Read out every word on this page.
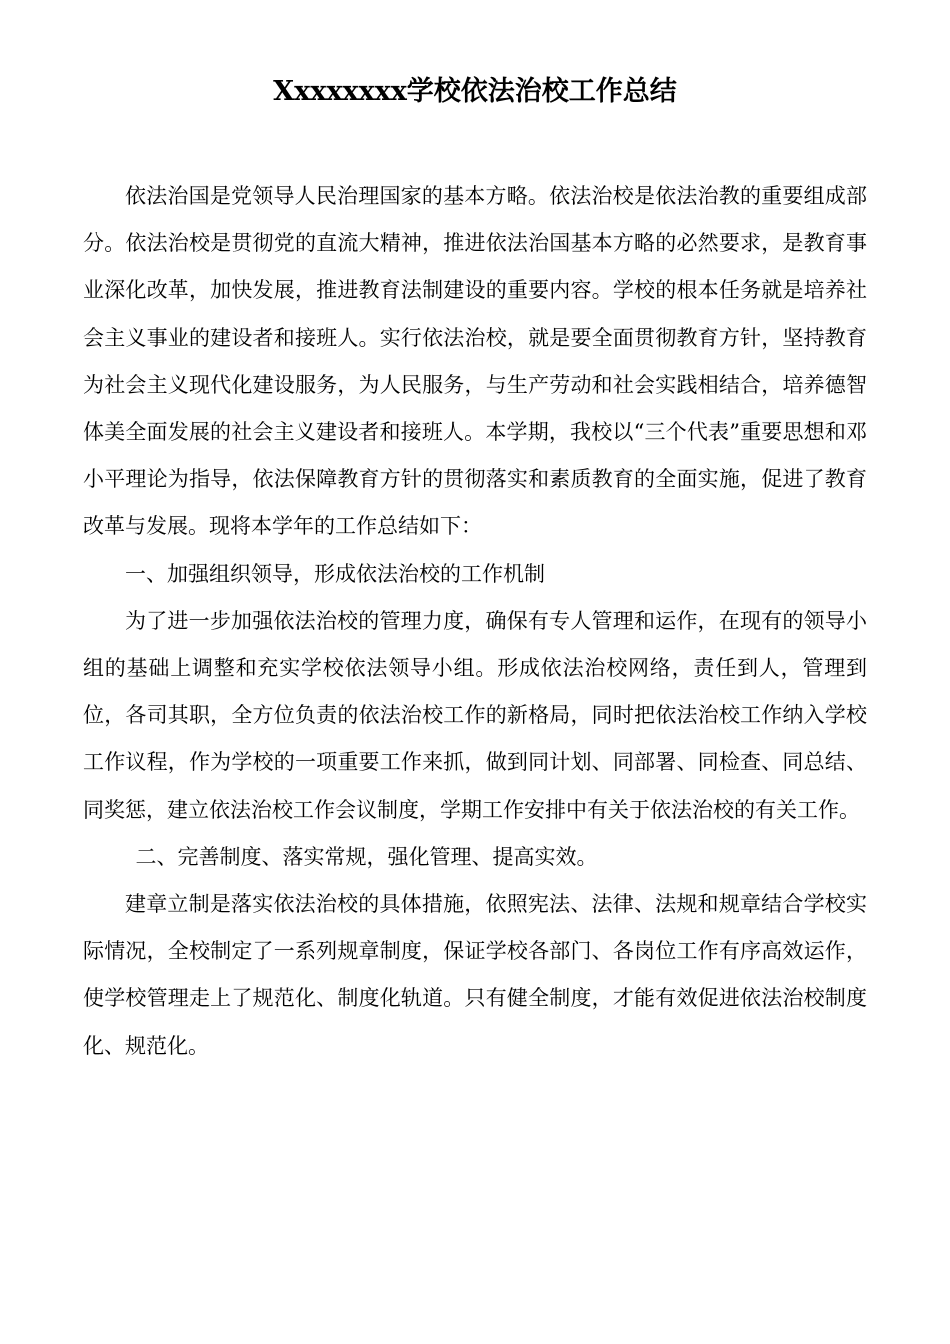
Xxxxxxxx学校依法治校工作总结

依法治国是党领导人民治理国家的基本方略。依法治校是依法治教的重要组成部分。依法治校是贯彻党的直流大精神，推进依法治国基本方略的必然要求，是教育事业深化改革，加快发展，推进教育法制建设的重要内容。学校的根本任务就是培养社会主义事业的建设者和接班人。实行依法治校，就是要全面贯彻教育方针，坚持教育为社会主义现代化建设服务，为人民服务，与生产劳动和社会实践相结合，培养德智体美全面发展的社会主义建设者和接班人。本学期，我校以“三个代表”重要思想和邓小平理论为指导，依法保障教育方针的贯彻落实和素质教育的全面实施，促进了教育改革与发展。现将本学年的工作总结如下：

一、加强组织领导，形成依法治校的工作机制

为了进一步加强依法治校的管理力度，确保有专人管理和运作，在现有的领导小组的基础上调整和充实学校依法领导小组。形成依法治校网络，责任到人，管理到位，各司其职，全方位负责的依法治校工作的新格局，同时把依法治校工作纳入学校工作议程，作为学校的一项重要工作来抓，做到同计划、同部署、同检查、同总结、同奖惩，建立依法治校工作会议制度，学期工作安排中有关于依法治校的有关工作。

二、完善制度、落实常规，强化管理、提高实效。

建章立制是落实依法治校的具体措施，依照宪法、法律、法规和规章结合学校实际情况，全校制定了一系列规章制度，保证学校各部门、各岗位工作有序高效运作，使学校管理走上了规范化、制度化轨道。只有健全制度，才能有效促进依法治校制度化、规范化。
